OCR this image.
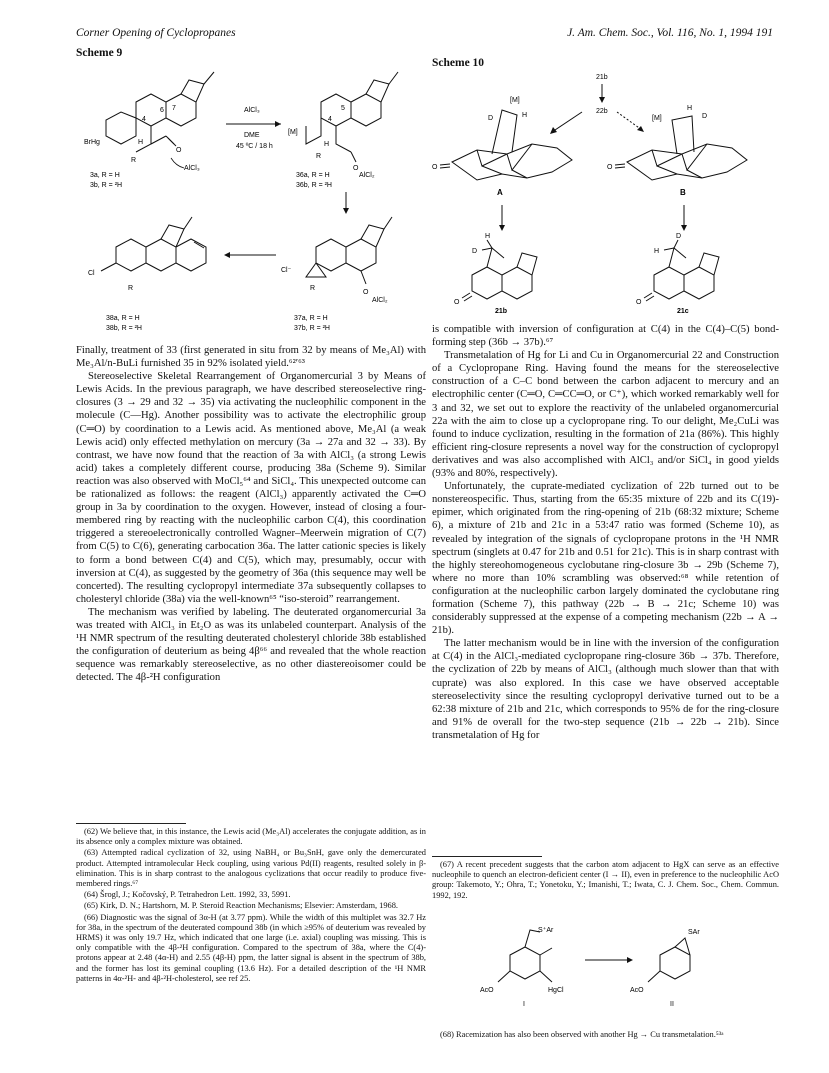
Corner Opening of Cyclopropanes	J. Am. Chem. Soc., Vol. 116, No. 1, 1994 191
Scheme 9
O
BrHg
R
H
4
6 7
AlCl₃
3a, R = H
3b, R = ²H
AlCl₃
DME
45 ºC / 18 h
[M]
4
5
H
R
O
AlCl₂
36a, R = H
36b, R = ²H
Cl
R
38a, R = H
38b, R = ²H
Cl⁻
O
AlCl₂
R
37a, R = H
37b, R = ²H
Scheme 10
21b
22b
O
[M]
D	H
A
O
[M]
H
D
B
O
H
D
21b
O
D
H
21c

Finally, treatment of 33 (first generated in situ from 32 by means of Me₃Al) with Me₃Al/n-BuLi furnished 35 in 92% isolated yield.⁶²ʹ⁶³

Stereoselective Skeletal Rearrangement of Organomercurial 3 by Means of Lewis Acids. In the previous paragraph, we have described stereoselective ring-closures (3 → 29 and 32 → 35) via activating the nucleophilic component in the molecule (C—Hg). Another possibility was to activate the electrophilic group (C═O) by coordination to a Lewis acid. As mentioned above, Me₃Al (a weak Lewis acid) only effected methylation on mercury (3a → 27a and 32 → 33). By contrast, we have now found that the reaction of 3a with AlCl₃ (a strong Lewis acid) takes a completely different course, producing 38a (Scheme 9). Similar reaction was also observed with MoCl₅⁶⁴ and SiCl₄. This unexpected outcome can be rationalized as follows: the reagent (AlCl₃) apparently activated the C═O group in 3a by coordination to the oxygen. However, instead of closing a four-membered ring by reacting with the nucleophilic carbon C(4), this coordination triggered a stereoelectronically controlled Wagner–Meerwein migration of C(7) from C(5) to C(6), generating carbocation 36a. The latter cationic species is likely to form a bond between C(4) and C(5), which may, presumably, occur with inversion at C(4), as suggested by the geometry of 36a (this sequence may well be concerted). The resulting cyclopropyl intermediate 37a subsequently collapses to cholesteryl chloride (38a) via the well-known⁶⁵ “iso-steroid” rearrangement.

The mechanism was verified by labeling. The deuterated organomercurial 3a was treated with AlCl₃ in Et₂O as was its unlabeled counterpart. Analysis of the ¹H NMR spectrum of the resulting deuterated cholesteryl chloride 38b established the configuration of deuterium as being 4β⁶⁶ and revealed that the whole reaction sequence was remarkably stereoselective, as no other diastereoisomer could be detected. The 4β-²H configuration

(62) We believe that, in this instance, the Lewis acid (Me₃Al) accelerates the conjugate addition, as in its absence only a complex mixture was obtained.

(63) Attempted radical cyclization of 32, using NaBH₄ or Bu₃SnH, gave only the demercurated product. Attempted intramolecular Heck coupling, using various Pd(II) reagents, resulted solely in β-elimination. This is in sharp contrast to the analogous cyclizations that occur readily to produce five-membered rings.⁶⁷

(64) Šrogl, J.; Kočovský, P. Tetrahedron Lett. 1992, 33, 5991.

(65) Kirk, D. N.; Hartshorn, M. P. Steroid Reaction Mechanisms; Elsevier: Amsterdam, 1968.

(66) Diagnostic was the signal of 3α-H (at 3.77 ppm). While the width of this multiplet was 32.7 Hz for 38a, in the spectrum of the deuterated compound 38b (in which ≥95% of deuterium was revealed by HRMS) it was only 19.7 Hz, which indicated that one large (i.e. axial) coupling was missing. This is only compatible with the 4β-²H configuration. Compared to the spectrum of 38a, where the C(4)-protons appear at 2.48 (4α-H) and 2.55 (4β-H) ppm, the latter signal is absent in the spectrum of 38b, and the former has lost its geminal coupling (13.6 Hz). For a detailed description of the ¹H NMR patterns in 4α-²H- and 4β-²H-cholesterol, see ref 25.

is compatible with inversion of configuration at C(4) in the C(4)–C(5) bond-forming step (36b → 37b).⁶⁷

Transmetalation of Hg for Li and Cu in Organomercurial 22 and Construction of a Cyclopropane Ring. Having found the means for the stereoselective construction of a C–C bond between the carbon adjacent to mercury and an electrophilic center (C═O, C═CC═O, or C⁺), which worked remarkably well for 3 and 32, we set out to explore the reactivity of the unlabeled organomercurial 22a with the aim to close up a cyclopropane ring. To our delight, Me₂CuLi was found to induce cyclization, resulting in the formation of 21a (86%). This highly efficient ring-closure represents a novel way for the construction of cyclopropyl derivatives and was also accomplished with AlCl₃ and/or SiCl₄ in good yields (93% and 80%, respectively).

Unfortunately, the cuprate-mediated cyclization of 22b turned out to be nonstereospecific. Thus, starting from the 65:35 mixture of 22b and its C(19)-epimer, which originated from the ring-opening of 21b (68:32 mixture; Scheme 6), a mixture of 21b and 21c in a 53:47 ratio was formed (Scheme 10), as revealed by integration of the signals of cyclopropane protons in the ¹H NMR spectrum (singlets at 0.47 for 21b and 0.51 for 21c). This is in sharp contrast with the highly stereohomogeneous cyclobutane ring-closure 3b → 29b (Scheme 7), where no more than 10% scrambling was observed:⁶⁸ while retention of configuration at the nucleophilic carbon largely dominated the cyclobutane ring formation (Scheme 7), this pathway (22b → B → 21c; Scheme 10) was considerably suppressed at the expense of a competing mechanism (22b → A → 21b).

The latter mechanism would be in line with the inversion of the configuration at C(4) in the AlCl₃-mediated cyclopropane ring-closure 36b → 37b. Therefore, the cyclization of 22b by means of AlCl₃ (although much slower than that with cuprate) was also explored. In this case we have observed acceptable stereoselectivity since the resulting cyclopropyl derivative turned out to be a 62:38 mixture of 21b and 21c, which corresponds to 95% de for the ring-closure and 91% de overall for the two-step sequence (21b → 22b → 21b). Since transmetalation of Hg for

(67) A recent precedent suggests that the carbon atom adjacent to HgX can serve as an effective nucleophile to quench an electron-deficient center (I → II), even in preference to the nucleophilic AcO group: Takemoto, Y.; Ohra, T.; Yonetoku, Y.; Imanishi, T.; Iwata, C. J. Chem. Soc., Chem. Commun. 1992, 192.

S⁺Ar
AcO	HgCl
I
SAr
AcO
II

(68) Racemization has also been observed with another Hg → Cu transmetalation.⁵³ᵃ
